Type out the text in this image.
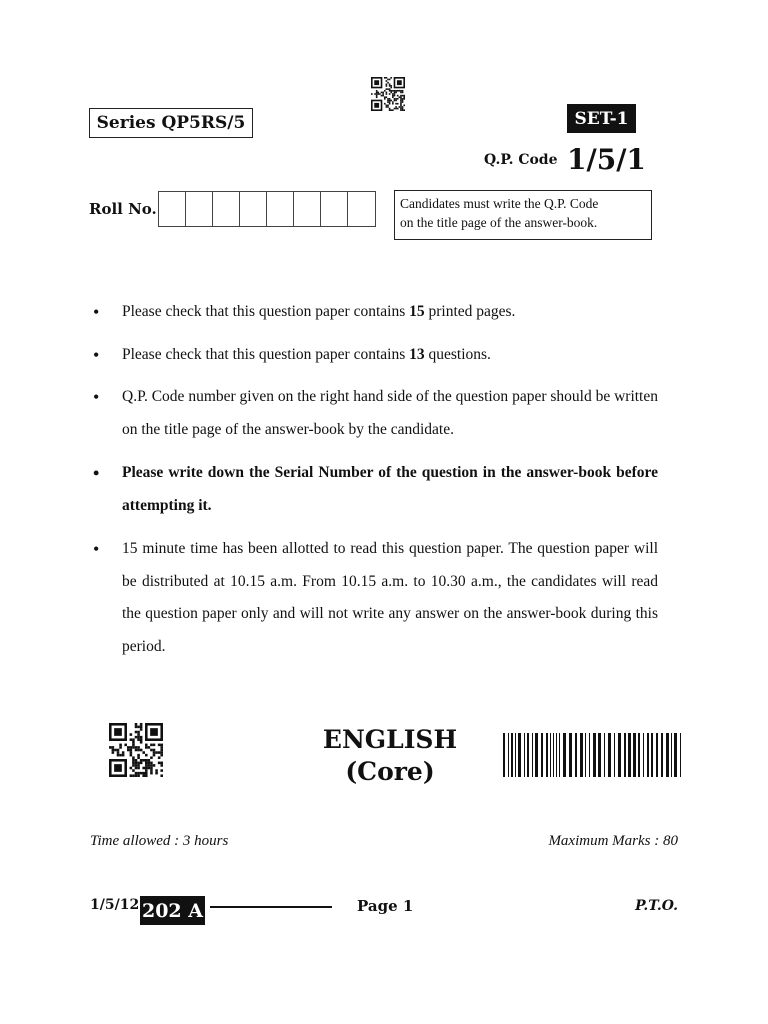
Series QP5RS/5	SET-1
Q.P. Code 1/5/1
Roll No.	Candidates must write the Q.P. Code
on the title page of the answer-book.
• Please check that this question paper contains 15 printed pages.
• Please check that this question paper contains 13 questions.
• Q.P. Code number given on the right hand side of the question paper should be written on the title page of the answer-book by the candidate.
• Please write down the Serial Number of the question in the answer-book before attempting it.
• 15 minute time has been allotted to read this question paper. The question paper will be distributed at 10.15 a.m. From 10.15 a.m. to 10.30 a.m., the candidates will read the question paper only and will not write any answer on the answer-book during this period.
ENGLISH
(Core)
Time allowed : 3 hours	Maximum Marks : 80
1/5/12 202 A	Page 1	P.T.O.
